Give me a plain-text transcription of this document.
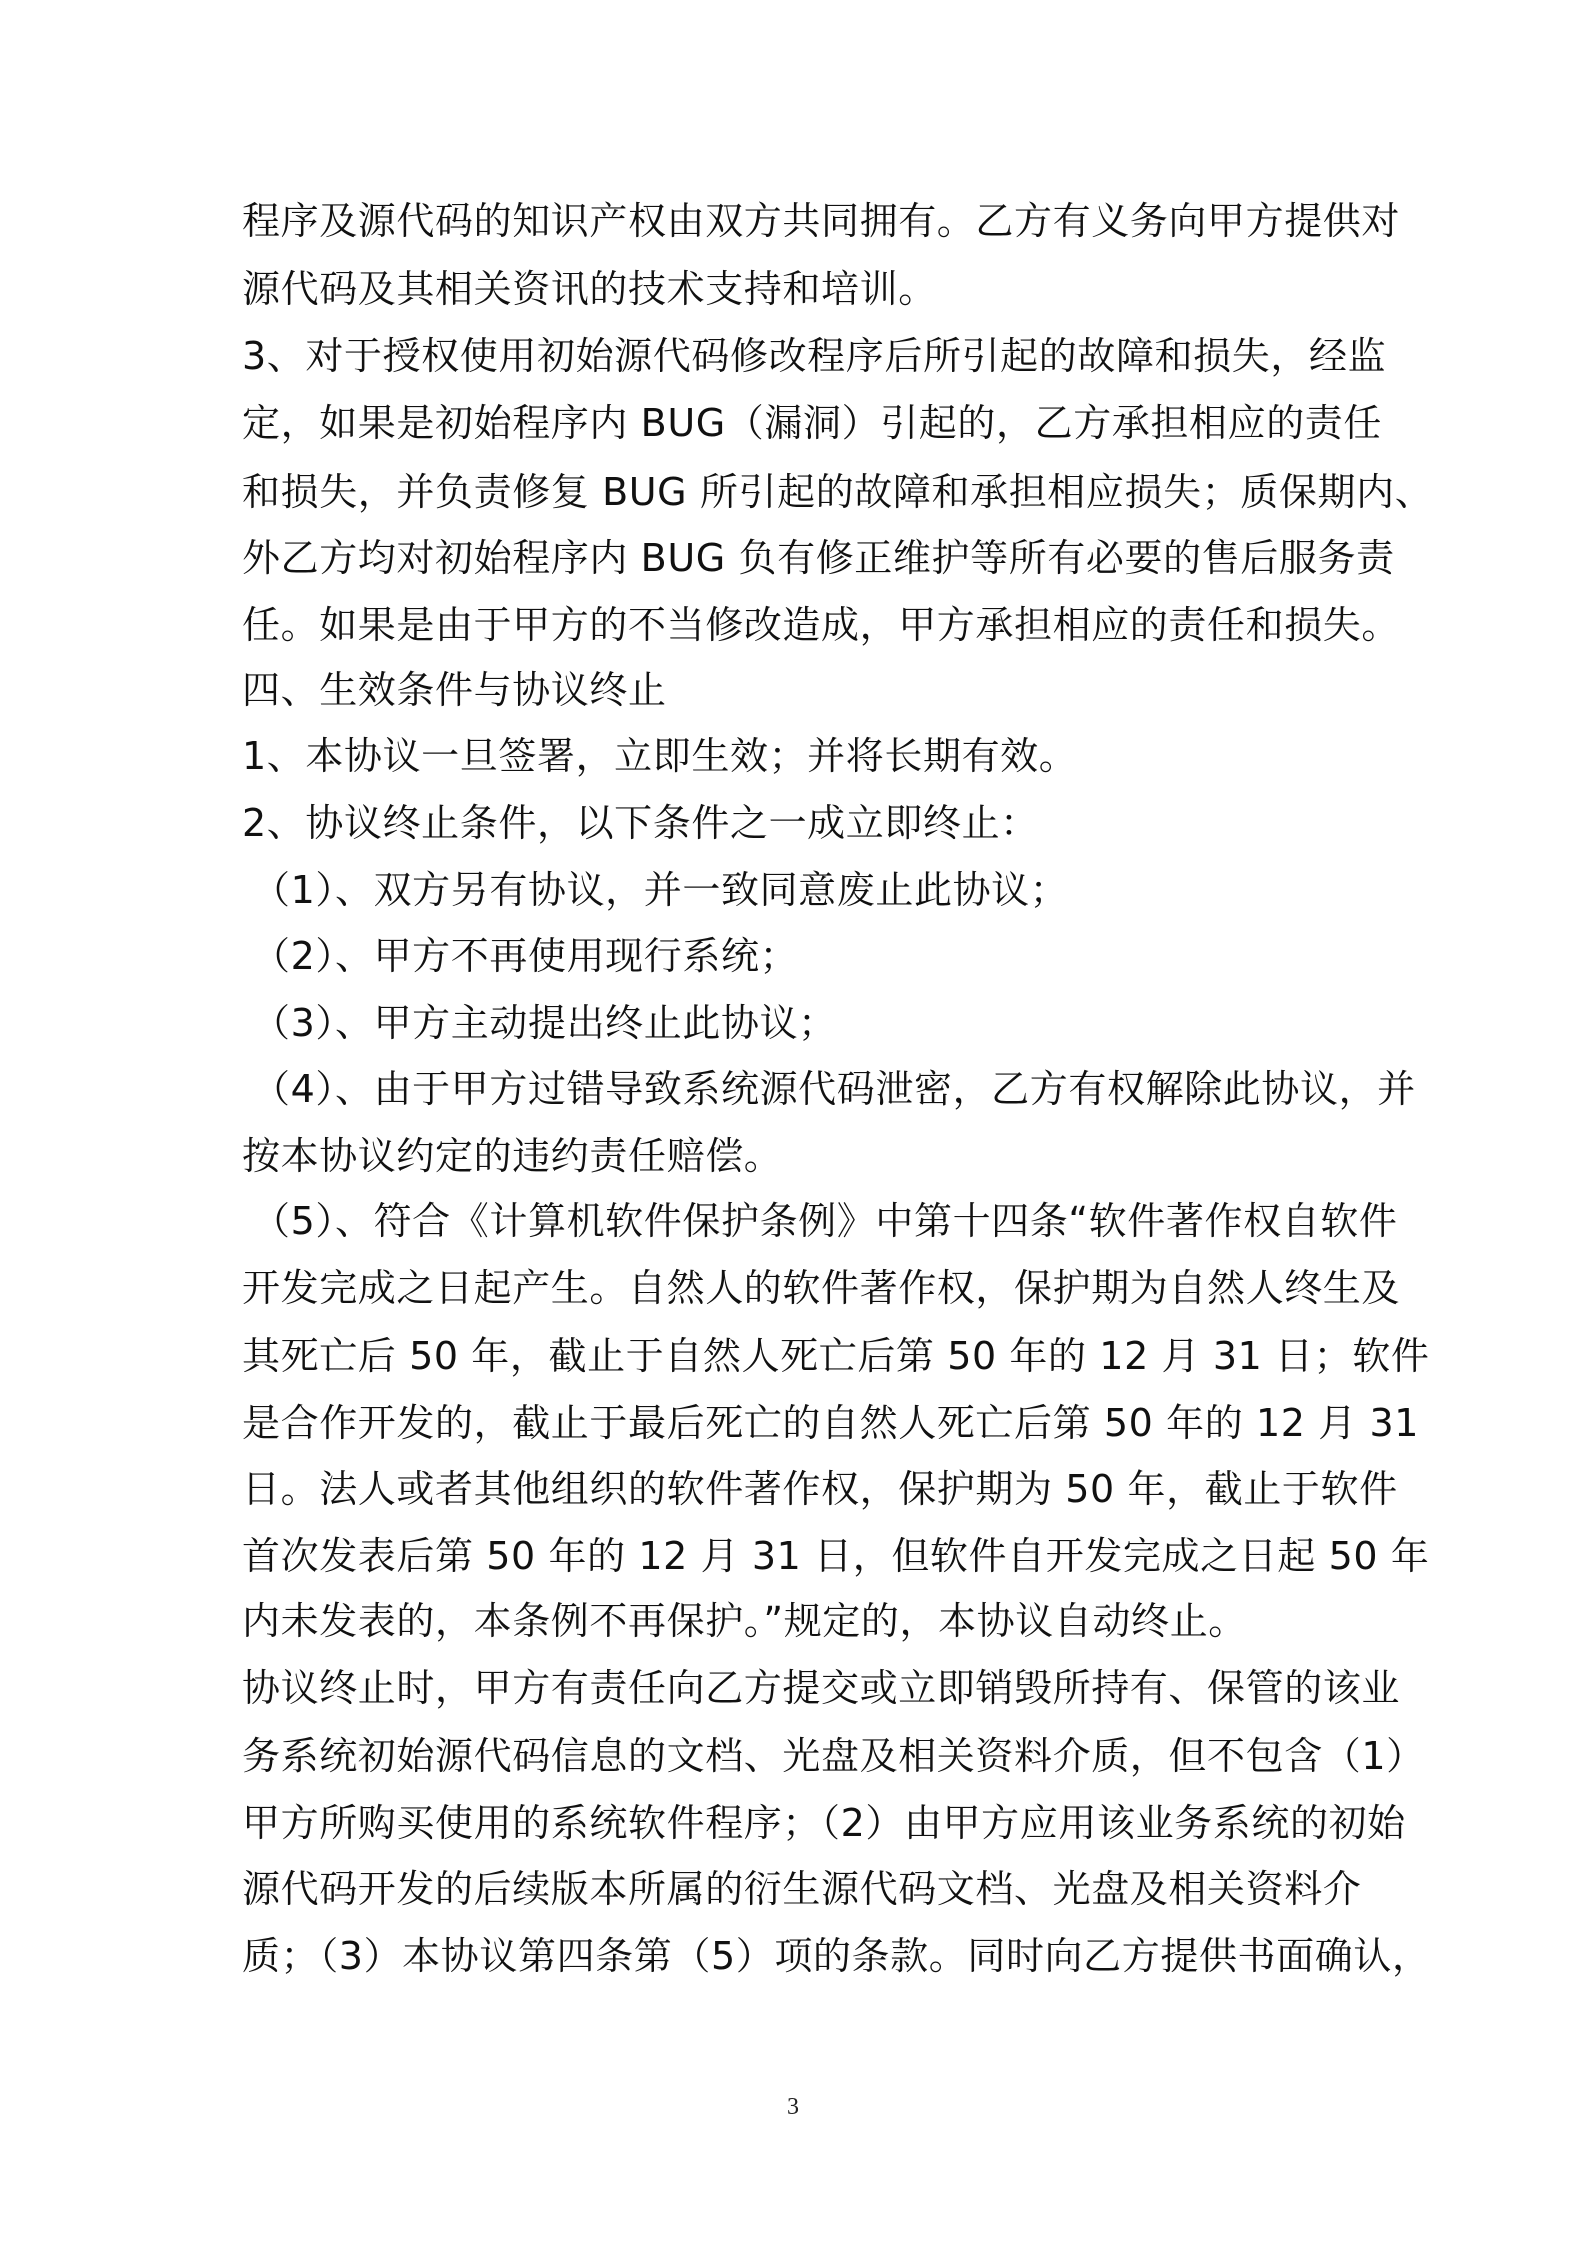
程序及源代码的知识产权由双方共同拥有。乙方有义务向甲方提供对
源代码及其相关资讯的技术支持和培训。
3、对于授权使用初始源代码修改程序后所引起的故障和损失，经监
定，如果是初始程序内 BUG（漏洞）引起的，乙方承担相应的责任
和损失，并负责修复 BUG 所引起的故障和承担相应损失；质保期内、
外乙方均对初始程序内 BUG 负有修正维护等所有必要的售后服务责
任。如果是由于甲方的不当修改造成，甲方承担相应的责任和损失。
四、生效条件与协议终止
1、本协议一旦签署，立即生效；并将长期有效。
2、协议终止条件，以下条件之一成立即终止：
（1）、双方另有协议，并一致同意废止此协议；
（2）、甲方不再使用现行系统；
（3）、甲方主动提出终止此协议；
（4）、由于甲方过错导致系统源代码泄密，乙方有权解除此协议，并
按本协议约定的违约责任赔偿。
（5）、符合《计算机软件保护条例》中第十四条“软件著作权自软件
开发完成之日起产生。自然人的软件著作权，保护期为自然人终生及
其死亡后 50 年，截止于自然人死亡后第 50 年的 12 月 31 日；软件
是合作开发的，截止于最后死亡的自然人死亡后第 50 年的 12 月 31
日。法人或者其他组织的软件著作权，保护期为 50 年，截止于软件
首次发表后第 50 年的 12 月 31 日，但软件自开发完成之日起 50 年
内未发表的，本条例不再保护。”规定的，本协议自动终止。
协议终止时，甲方有责任向乙方提交或立即销毁所持有、保管的该业
务系统初始源代码信息的文档、光盘及相关资料介质，但不包含（1）
甲方所购买使用的系统软件程序；（2）由甲方应用该业务系统的初始
源代码开发的后续版本所属的衍生源代码文档、光盘及相关资料介
质；（3）本协议第四条第（5）项的条款。同时向乙方提供书面确认，
3
